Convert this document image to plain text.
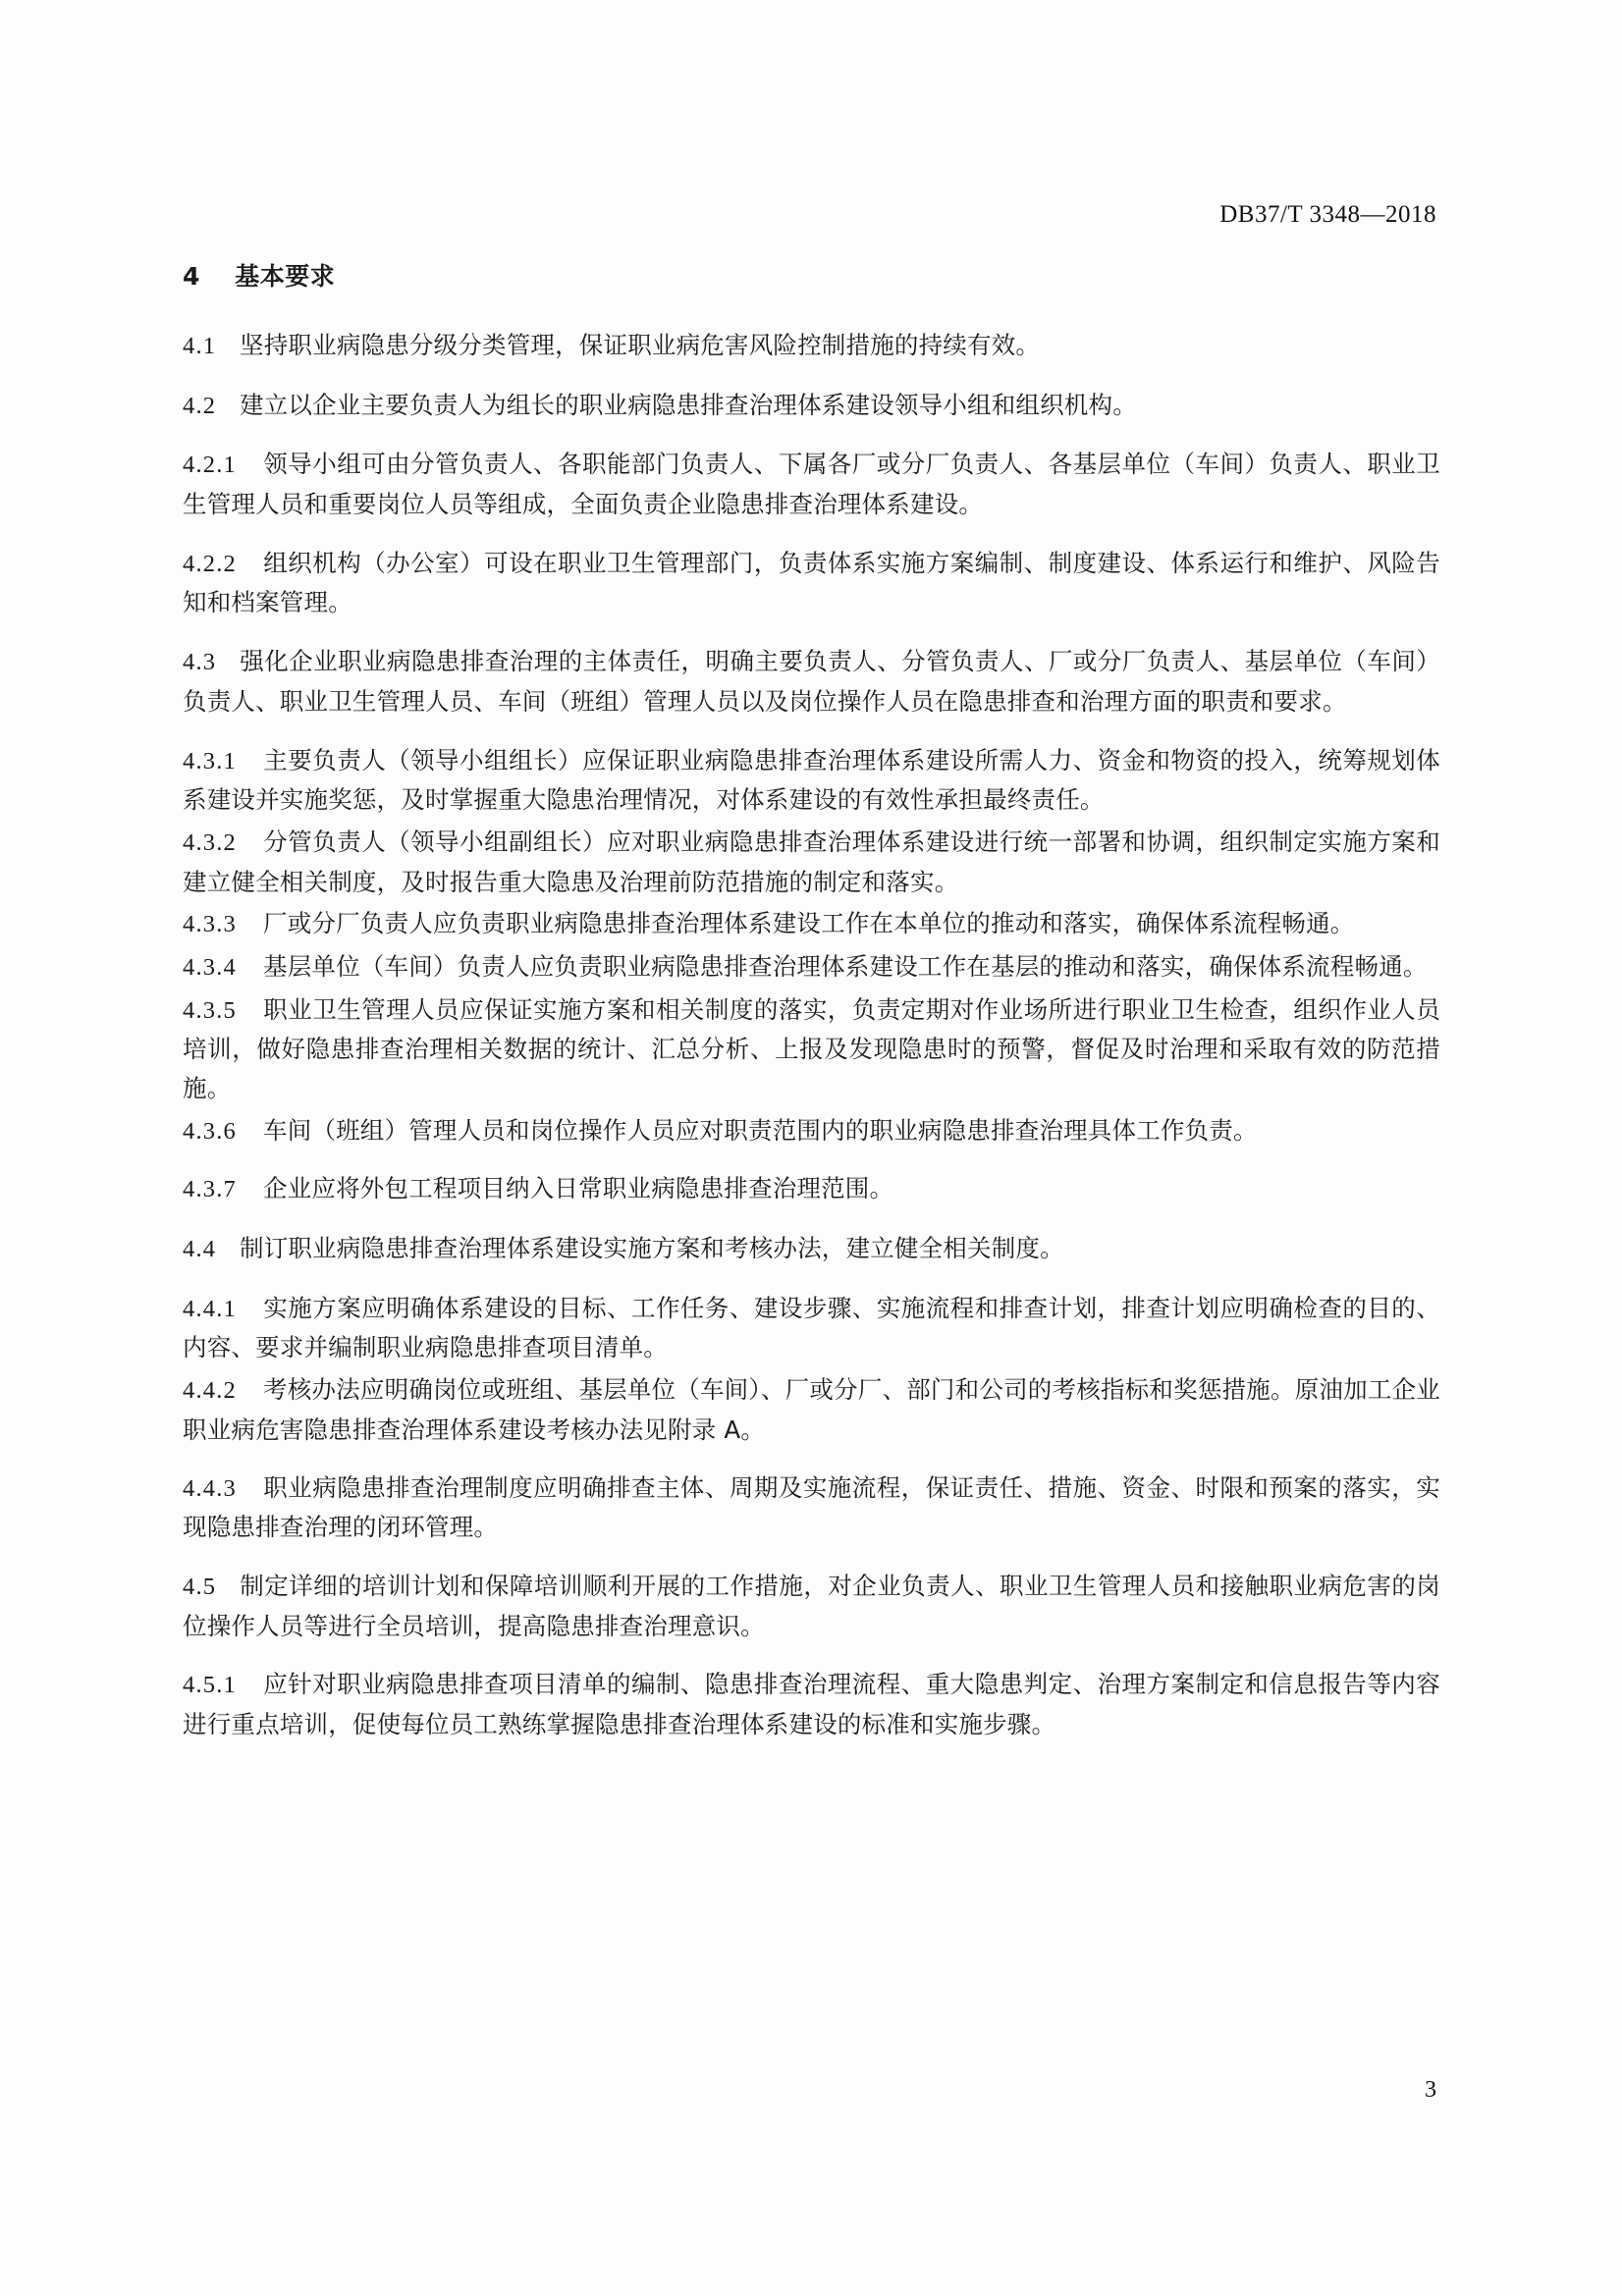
DB37/T 3348—2018
4 基本要求

4.1 坚持职业病隐患分级分类管理，保证职业病危害风险控制措施的持续有效。

4.2 建立以企业主要负责人为组长的职业病隐患排查治理体系建设领导小组和组织机构。

4.2.1 领导小组可由分管负责人、各职能部门负责人、下属各厂或分厂负责人、各基层单位（车间）负责人、职业卫生管理人员和重要岗位人员等组成，全面负责企业隐患排查治理体系建设。

4.2.2 组织机构（办公室）可设在职业卫生管理部门，负责体系实施方案编制、制度建设、体系运行和维护、风险告知和档案管理。

4.3 强化企业职业病隐患排查治理的主体责任，明确主要负责人、分管负责人、厂或分厂负责人、基层单位（车间）负责人、职业卫生管理人员、车间（班组）管理人员以及岗位操作人员在隐患排查和治理方面的职责和要求。

4.3.1 主要负责人（领导小组组长）应保证职业病隐患排查治理体系建设所需人力、资金和物资的投入，统筹规划体系建设并实施奖惩，及时掌握重大隐患治理情况，对体系建设的有效性承担最终责任。

4.3.2 分管负责人（领导小组副组长）应对职业病隐患排查治理体系建设进行统一部署和协调，组织制定实施方案和建立健全相关制度，及时报告重大隐患及治理前防范措施的制定和落实。

4.3.3 厂或分厂负责人应负责职业病隐患排查治理体系建设工作在本单位的推动和落实，确保体系流程畅通。

4.3.4 基层单位（车间）负责人应负责职业病隐患排查治理体系建设工作在基层的推动和落实，确保体系流程畅通。

4.3.5 职业卫生管理人员应保证实施方案和相关制度的落实，负责定期对作业场所进行职业卫生检查，组织作业人员培训，做好隐患排查治理相关数据的统计、汇总分析、上报及发现隐患时的预警，督促及时治理和采取有效的防范措施。

4.3.6 车间（班组）管理人员和岗位操作人员应对职责范围内的职业病隐患排查治理具体工作负责。

4.3.7 企业应将外包工程项目纳入日常职业病隐患排查治理范围。

4.4 制订职业病隐患排查治理体系建设实施方案和考核办法，建立健全相关制度。

4.4.1 实施方案应明确体系建设的目标、工作任务、建设步骤、实施流程和排查计划，排查计划应明确检查的目的、内容、要求并编制职业病隐患排查项目清单。

4.4.2 考核办法应明确岗位或班组、基层单位（车间）、厂或分厂、部门和公司的考核指标和奖惩措施。原油加工企业职业病危害隐患排查治理体系建设考核办法见附录 A。

4.4.3 职业病隐患排查治理制度应明确排查主体、周期及实施流程，保证责任、措施、资金、时限和预案的落实，实现隐患排查治理的闭环管理。

4.5 制定详细的培训计划和保障培训顺利开展的工作措施，对企业负责人、职业卫生管理人员和接触职业病危害的岗位操作人员等进行全员培训，提高隐患排查治理意识。

4.5.1 应针对职业病隐患排查项目清单的编制、隐患排查治理流程、重大隐患判定、治理方案制定和信息报告等内容进行重点培训，促使每位员工熟练掌握隐患排查治理体系建设的标准和实施步骤。

3
